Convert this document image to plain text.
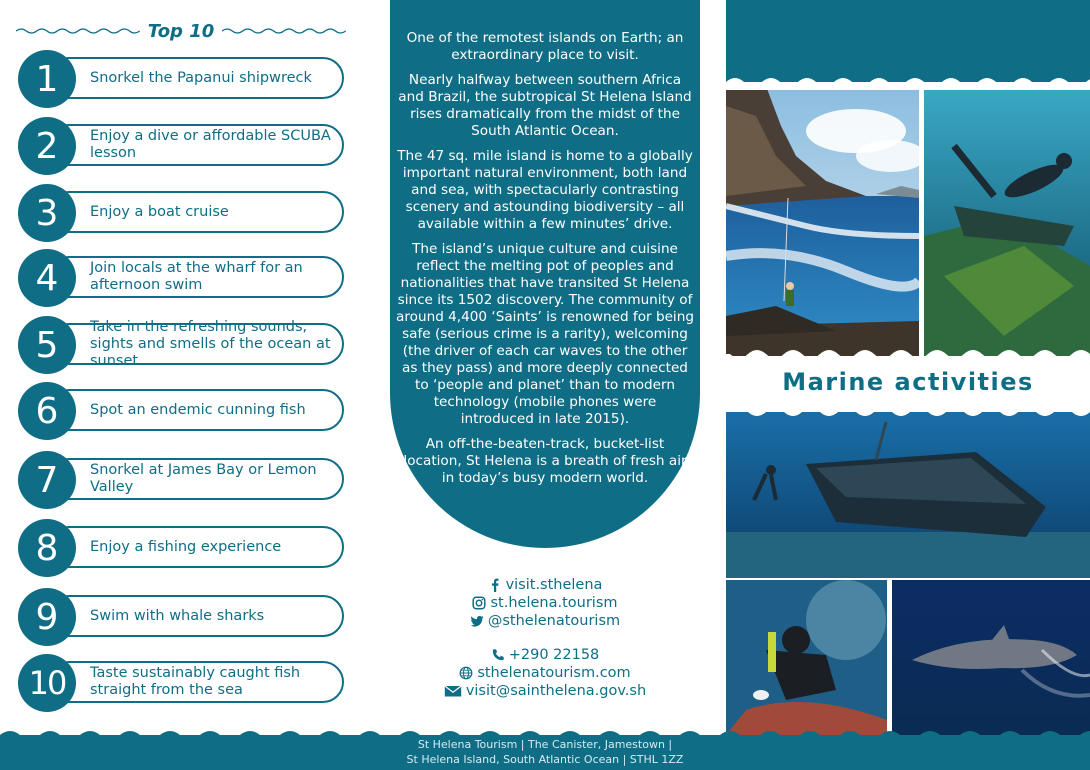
Top 10
Snorkel the Papanui shipwreck
1
Enjoy a dive or affordable SCUBA lesson
2
Enjoy a boat cruise
3
Join locals at the wharf for an afternoon swim
4
Take in the refreshing sounds, sights and smells of the ocean at sunset
5
Spot an endemic cunning fish
6
Snorkel at James Bay or Lemon Valley
7
Enjoy a fishing experience
8
Swim with whale sharks
9
Taste sustainably caught fish straight from the sea
10

One of the remotest islands on Earth; an extraordinary place to visit.

Nearly halfway between southern Africa and Brazil, the subtropical St Helena Island rises dramatically from the midst of the South Atlantic Ocean.

The 47 sq. mile island is home to a globally important natural environment, both land and sea, with spectacularly contrasting scenery and astounding biodiversity – all available within a few minutes’ drive.

The island’s unique culture and cuisine reflect the melting pot of peoples and nationalities that have transited St Helena since its 1502 discovery. The community of around 4,400 ‘Saints’ is renowned for being safe (serious crime is a rarity), welcoming (the driver of each car waves to the other as they pass) and more deeply connected to ‘people and planet’ than to modern technology (mobile phones were introduced in late 2015).

An off-the-beaten-track, bucket-list location, St Helena is a breath of fresh air in today’s busy modern world.

visit.sthelena
st.helena.tourism
@sthelenatourism
+290 22158
sthelenatourism.com
visit@sainthelena.gov.sh
Marine activities
St Helena Tourism | The Canister, Jamestown |
St Helena Island, South Atlantic Ocean | STHL 1ZZ
